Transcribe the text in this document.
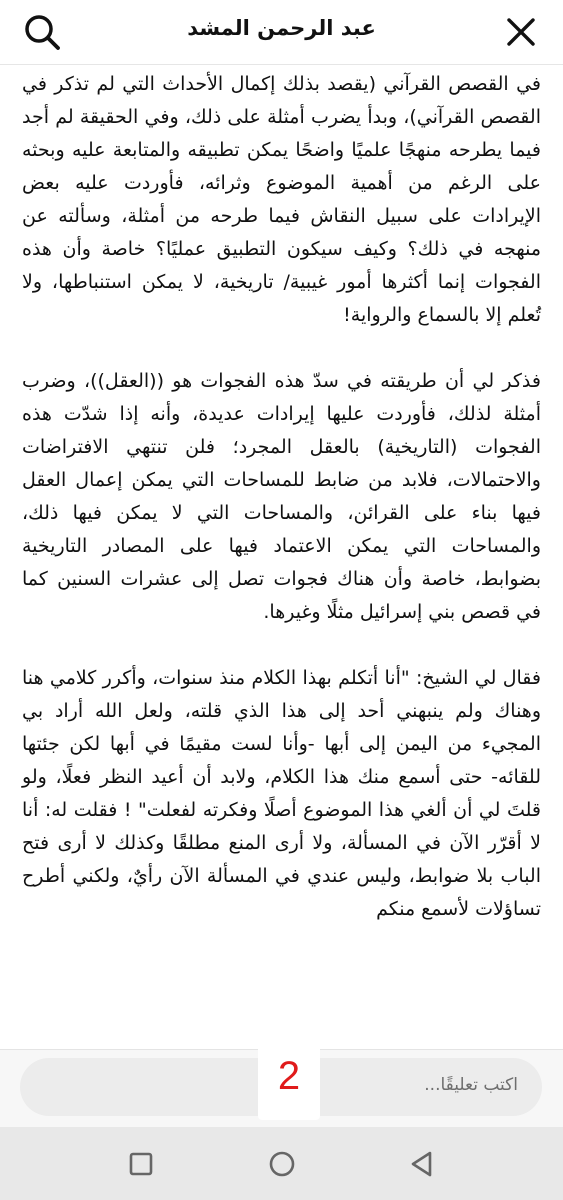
عبد الرحمن المشد

في القصص القرآني (يقصد بذلك إكمال الأحداث التي لم تذكر في القصص القرآني)، وبدأ يضرب أمثلة على ذلك، وفي الحقيقة لم أجد فيما يطرحه منهجًا علميًا واضحًا يمكن تطبيقه والمتابعة عليه وبحثه على الرغم من أهمية الموضوع وثرائه، فأوردت عليه بعض الإيرادات على سبيل النقاش فيما طرحه من أمثلة، وسألته عن منهجه في ذلك؟ وكيف سيكون التطبيق عمليًا؟ خاصة وأن هذه الفجوات إنما أكثرها أمور غيبية/ تاريخية، لا يمكن استنباطها، ولا تُعلم إلا بالسماع والرواية!

فذكر لي أن طريقته في سدّ هذه الفجوات هو ((العقل))، وضرب أمثلة لذلك، فأوردت عليها إيرادات عديدة، وأنه إذا شدّت هذه الفجوات (التاريخية) بالعقل المجرد؛ فلن تنتهي الافتراضات والاحتمالات، فلابد من ضابط للمساحات التي يمكن إعمال العقل فيها بناء على القرائن، والمساحات التي لا يمكن فيها ذلك، والمساحات التي يمكن الاعتماد فيها على المصادر التاريخية بضوابط، خاصة وأن هناك فجوات تصل إلى عشرات السنين كما في قصص بني إسرائيل مثلًا وغيرها.

فقال لي الشيخ: "أنا أتكلم بهذا الكلام منذ سنوات، وأكرر كلامي هنا وهناك ولم ينبهني أحد إلى هذا الذي قلته، ولعل الله أراد بي المجيء من اليمن إلى أبها -وأنا لست مقيمًا في أبها لكن جئتها للقائه- حتى أسمع منك هذا الكلام، ولابد أن أعيد النظر فعلًا، ولو قلتَ لي أن ألغي هذا الموضوع أصلًا وفكرته لفعلت" ! فقلت له: أنا لا أقرّر الآن في المسألة، ولا أرى المنع مطلقًا وكذلك لا أرى فتح الباب بلا ضوابط، وليس عندي في المسألة الآن رأيٌ، ولكني أطرح تساؤلات لأسمع منكم

اكتب تعليقًا...
2
